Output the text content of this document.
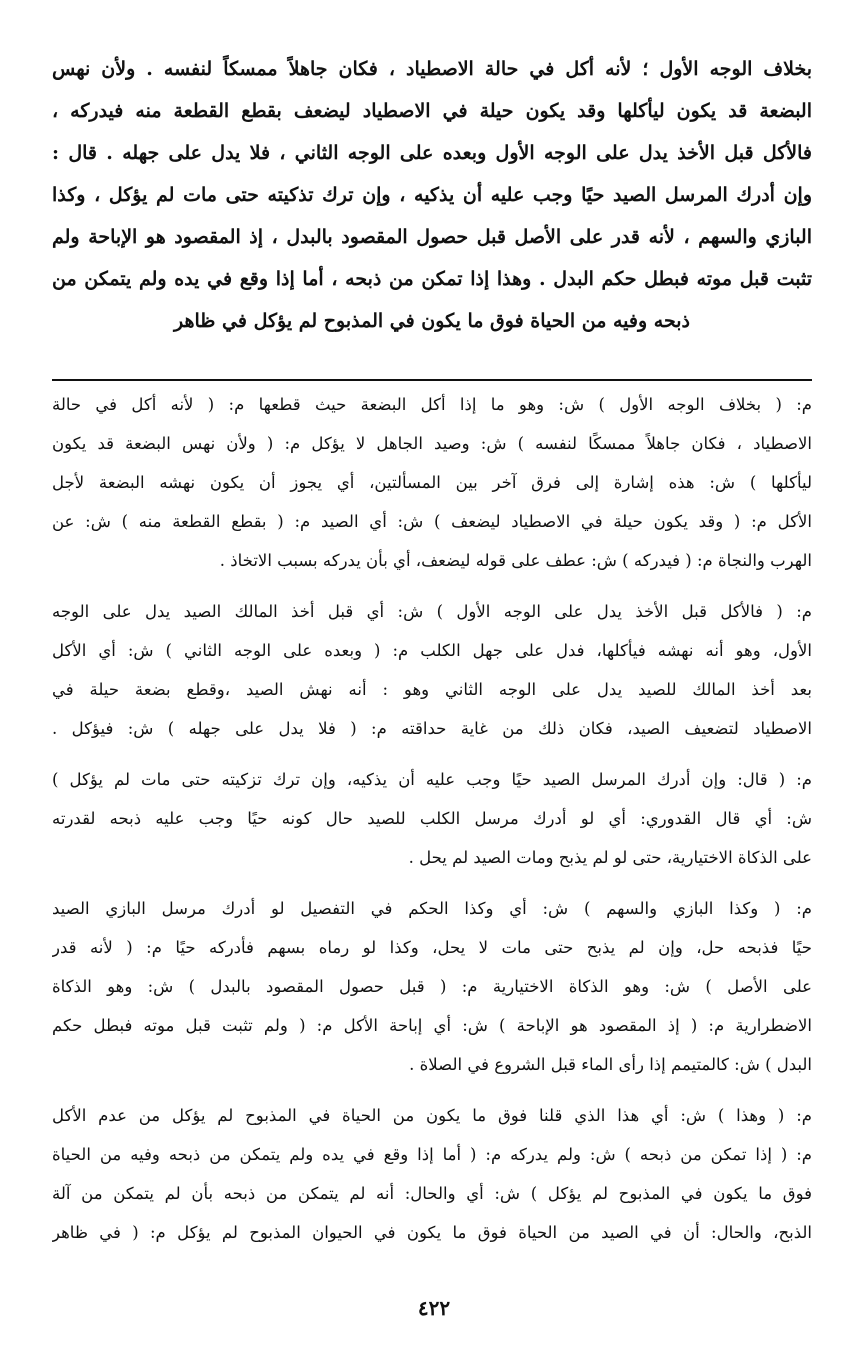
بخلاف الوجه الأول ؛ لأنه أكل في حالة الاصطياد ، فكان جاهلاً ممسكاً لنفسه . ولأن نهس
البضعة قد يكون ليأكلها وقد يكون حيلة في الاصطياد ليضعف بقطع القطعة منه فيدركه ،
فالأكل قبل الأخذ يدل على الوجه الأول وبعده على الوجه الثاني ، فلا يدل على جهله . قال :
وإن أدرك المرسل الصيد حيًا وجب عليه أن يذكيه ، وإن ترك تذكيته حتى مات لم يؤكل ، وكذا
البازي والسهم ، لأنه قدر على الأصل قبل حصول المقصود بالبدل ، إذ المقصود هو الإباحة ولم
تثبت قبل موته فبطل حكم البدل . وهذا إذا تمكن من ذبحه ، أما إذا وقع في يده ولم يتمكن من
ذبحه وفيه من الحياة فوق ما يكون في المذبوح لم يؤكل في ظاهر
م: ( بخلاف الوجه الأول ) ش: وهو ما إذا أكل البضعة حيث قطعها م: ( لأنه أكل في حالة
الاصطياد ، فكان جاهلاً ممسكًا لنفسه ) ش: وصيد الجاهل لا يؤكل م: ( ولأن نهس البضعة قد يكون
ليأكلها ) ش: هذه إشارة إلى فرق آخر بين المسألتين، أي يجوز أن يكون نهشه البضعة لأجل
الأكل م: ( وقد يكون حيلة في الاصطياد ليضعف ) ش: أي الصيد م: ( بقطع القطعة منه ) ش: عن
الهرب والنجاة م: ( فيدركه ) ش: عطف على قوله ليضعف، أي بأن يدركه بسبب الاتخاذ .
م: ( فالأكل قبل الأخذ يدل على الوجه الأول ) ش: أي قبل أخذ المالك الصيد يدل على الوجه
الأول، وهو أنه نهشه فيأكلها، فدل على جهل الكلب م: ( وبعده على الوجه الثاني ) ش: أي الأكل
بعد أخذ المالك للصيد يدل على الوجه الثاني وهو : أنه نهش الصيد ،وقطع بضعة حيلة في
الاصطياد لتضعيف الصيد، فكان ذلك من غاية حداقته م: ( فلا يدل على جهله ) ش: فيؤكل .
م: ( قال: وإن أدرك المرسل الصيد حيًا وجب عليه أن يذكيه، وإن ترك تزكيته حتى مات لم يؤكل )
ش: أي قال القدوري: أي لو أدرك مرسل الكلب للصيد حال كونه حيًا وجب عليه ذبحه لقدرته
على الذكاة الاختيارية، حتى لو لم يذبح ومات الصيد لم يحل .
م: ( وكذا البازي والسهم ) ش: أي وكذا الحكم في التفصيل لو أدرك مرسل البازي الصيد
حيًا فذبحه حل، وإن لم يذبح حتى مات لا يحل، وكذا لو رماه بسهم فأدركه حيًا م: ( لأنه قدر
على الأصل ) ش: وهو الذكاة الاختيارية م: ( قبل حصول المقصود بالبدل ) ش: وهو الذكاة
الاضطرارية م: ( إذ المقصود هو الإباحة ) ش: أي إباحة الأكل م: ( ولم تثبت قبل موته فبطل حكم
البدل ) ش: كالمتيمم إذا رأى الماء قبل الشروع في الصلاة .
م: ( وهذا ) ش: أي هذا الذي قلنا فوق ما يكون من الحياة في المذبوح لم يؤكل من عدم الأكل
م: ( إذا تمكن من ذبحه ) ش: ولم يدركه م: ( أما إذا وقع في يده ولم يتمكن من ذبحه وفيه من الحياة
فوق ما يكون في المذبوح لم يؤكل ) ش: أي والحال: أنه لم يتمكن من ذبحه بأن لم يتمكن من آلة
الذبح، والحال: أن في الصيد من الحياة فوق ما يكون في الحيوان المذبوح لم يؤكل م: ( في ظاهر
٤٢٢
